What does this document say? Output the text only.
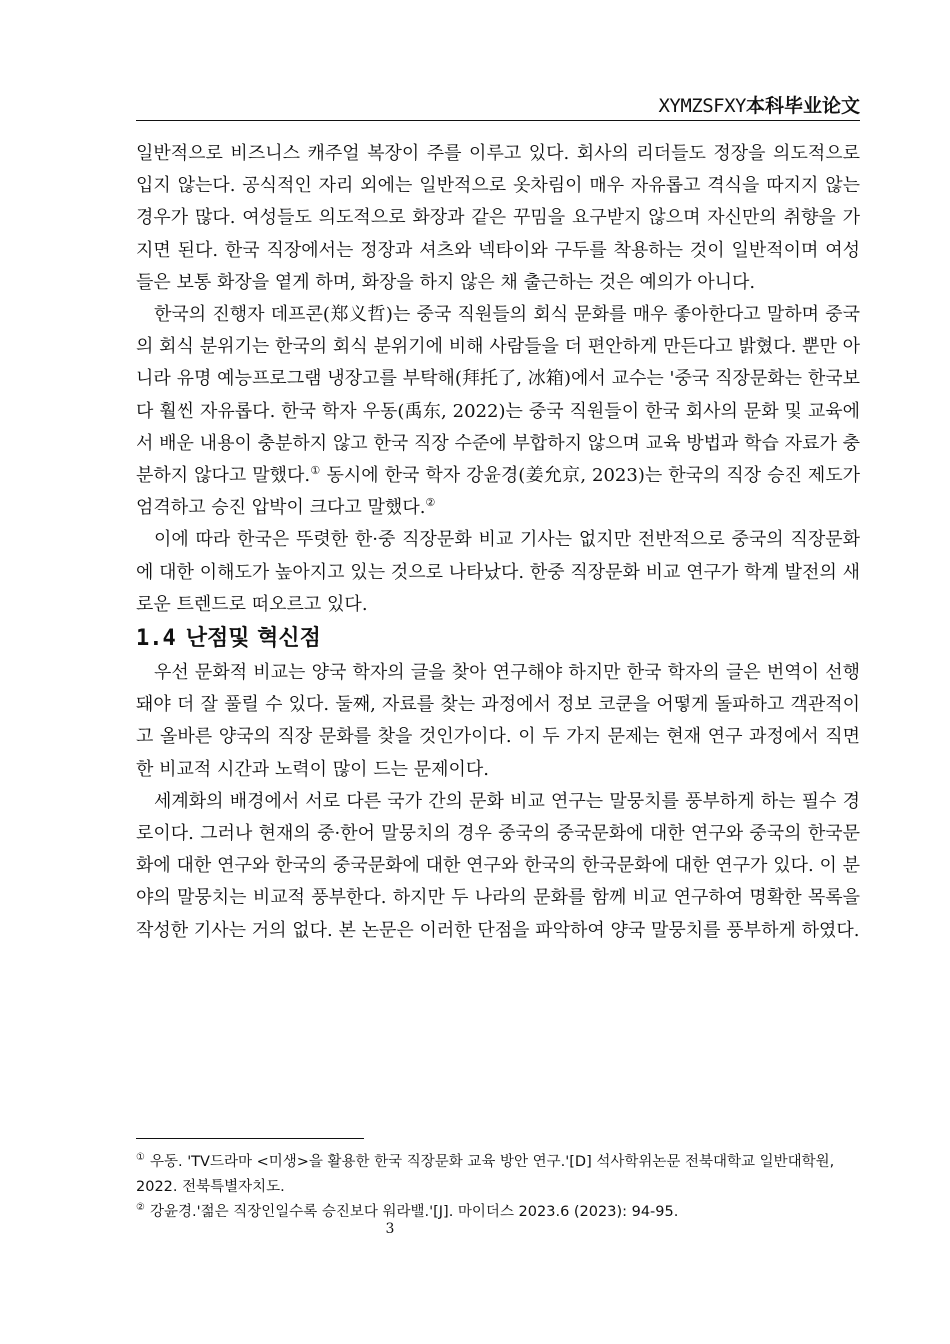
XYMZSFXY本科毕业论文

일반적으로 비즈니스 캐주얼 복장이 주를 이루고 있다. 회사의 리더들도 정장을 의도적으로 입지 않는다. 공식적인 자리 외에는 일반적으로 옷차림이 매우 자유롭고 격식을 따지지 않는 경우가 많다. 여성들도 의도적으로 화장과 같은 꾸밈을 요구받지 않으며 자신만의 취향을 가지면 된다. 한국 직장에서는 정장과 셔츠와 넥타이와 구두를 착용하는 것이 일반적이며 여성들은 보통 화장을 옅게 하며, 화장을 하지 않은 채 출근하는 것은 예의가 아니다.

한국의 진행자 데프콘(郑义哲)는 중국 직원들의 회식 문화를 매우 좋아한다고 말하며 중국의 회식 분위기는 한국의 회식 분위기에 비해 사람들을 더 편안하게 만든다고 밝혔다. 뿐만 아니라 유명 예능프로그램 냉장고를 부탁해(拜托了, 冰箱)에서 교수는 '중국 직장문화는 한국보다 훨씬 자유롭다. 한국 학자 우동(禹东, 2022)는 중국 직원들이 한국 회사의 문화 및 교육에서 배운 내용이 충분하지 않고 한국 직장 수준에 부합하지 않으며 교육 방법과 학습 자료가 충분하지 않다고 말했다.① 동시에 한국 학자 강윤경(姜允京, 2023)는 한국의 직장 승진 제도가 엄격하고 승진 압박이 크다고 말했다.②

이에 따라 한국은 뚜렷한 한·중 직장문화 비교 기사는 없지만 전반적으로 중국의 직장문화에 대한 이해도가 높아지고 있는 것으로 나타났다. 한중 직장문화 비교 연구가 학계 발전의 새로운 트렌드로 떠오르고 있다.

1.4 난점및 혁신점

우선 문화적 비교는 양국 학자의 글을 찾아 연구해야 하지만 한국 학자의 글은 번역이 선행돼야 더 잘 풀릴 수 있다. 둘째, 자료를 찾는 과정에서 정보 코쿤을 어떻게 돌파하고 객관적이고 올바른 양국의 직장 문화를 찾을 것인가이다. 이 두 가지 문제는 현재 연구 과정에서 직면한 비교적 시간과 노력이 많이 드는 문제이다.

세계화의 배경에서 서로 다른 국가 간의 문화 비교 연구는 말뭉치를 풍부하게 하는 필수 경로이다. 그러나 현재의 중·한어 말뭉치의 경우 중국의 중국문화에 대한 연구와 중국의 한국문화에 대한 연구와 한국의 중국문화에 대한 연구와 한국의 한국문화에 대한 연구가 있다. 이 분야의 말뭉치는 비교적 풍부한다. 하지만 두 나라의 문화를 함께 비교 연구하여 명확한 목록을 작성한 기사는 거의 없다. 본 논문은 이러한 단점을 파악하여 양국 말뭉치를 풍부하게 하였다.

① 우동. 'TV드라마 <미생>을 활용한 한국 직장문화 교육 방안 연구.'[D] 석사학위논문 전북대학교 일반대학원, 2022. 전북특별자치도.

② 강윤경.'젊은 직장인일수록 승진보다 워라밸.'[J]. 마이더스 2023.6 (2023): 94-95.

3
